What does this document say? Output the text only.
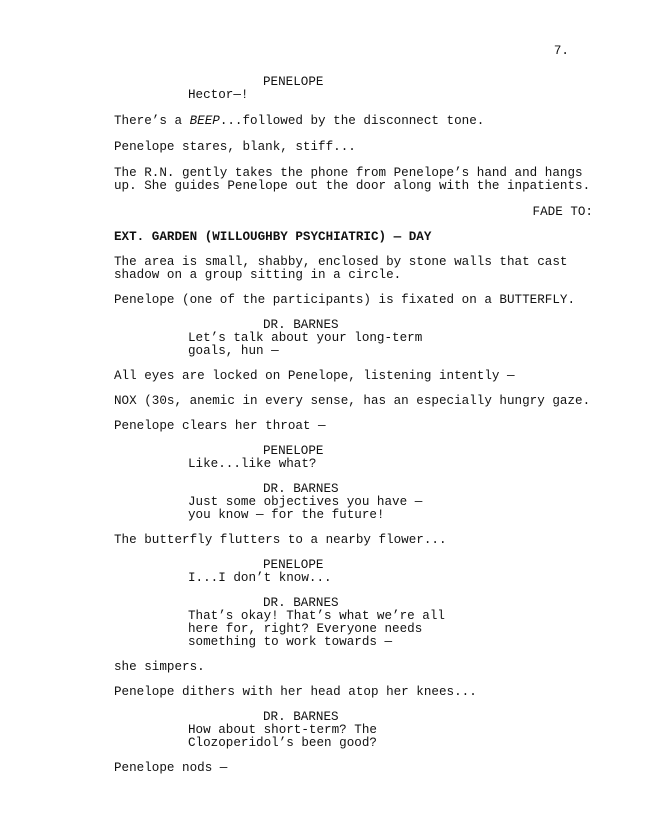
7.
PENELOPE
Hector—!
There’s a BEEP...followed by the disconnect tone.
Penelope stares, blank, stiff...
The R.N. gently takes the phone from Penelope’s hand and hangs
up. She guides Penelope out the door along with the inpatients.
FADE TO:
EXT. GARDEN (WILLOUGHBY PSYCHIATRIC) — DAY
The area is small, shabby, enclosed by stone walls that cast
shadow on a group sitting in a circle.
Penelope (one of the participants) is fixated on a BUTTERFLY.
DR. BARNES
Let’s talk about your long-term
goals, hun —
All eyes are locked on Penelope, listening intently —
NOX (30s, anemic in every sense, has an especially hungry gaze.
Penelope clears her throat —
PENELOPE
Like...like what?
DR. BARNES
Just some objectives you have —
you know — for the future!
The butterfly flutters to a nearby flower...
PENELOPE
I...I don’t know...
DR. BARNES
That’s okay! That’s what we’re all
here for, right? Everyone needs
something to work towards —
she simpers.
Penelope dithers with her head atop her knees...
DR. BARNES
How about short-term? The
Clozoperidol’s been good?
Penelope nods —
